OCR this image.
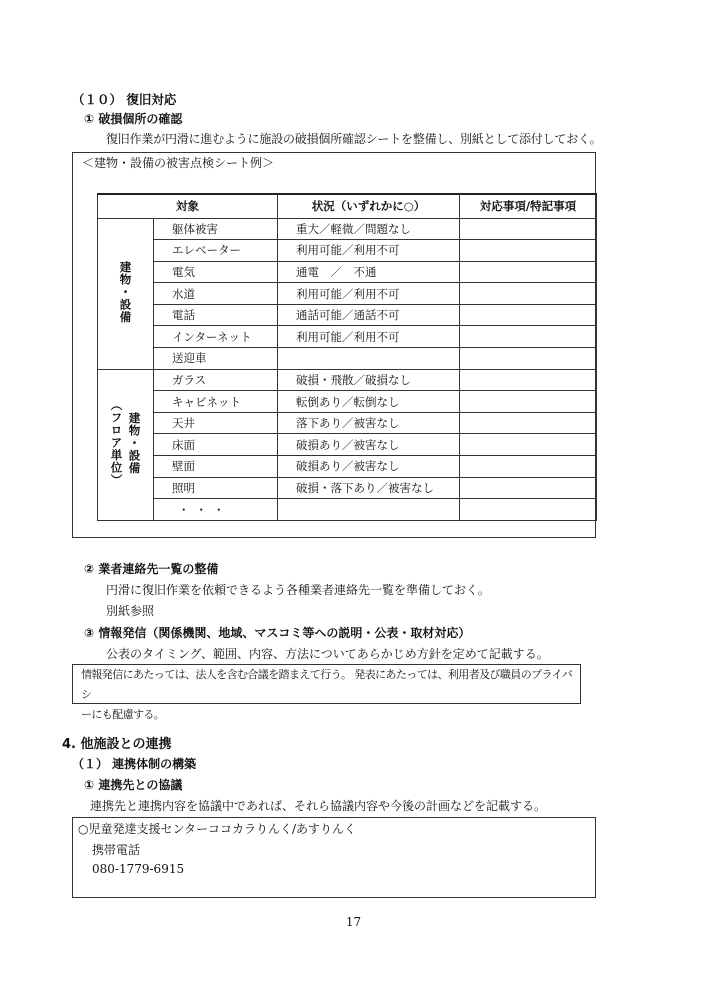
（１０） 復旧対応
① 破損個所の確認
復旧作業が円滑に進むように施設の破損個所確認シートを整備し、別紙として添付しておく。
＜建物・設備の被害点検シート例＞
対象		状況（いずれかに○）	対応事項/特記事項
建物・設備	躯体被害	重大／軽微／問題なし	
	エレベーター	利用可能／利用不可	
	電気	通電　／　不通	
	水道	利用可能／利用不可	
	電話	通話可能／通話不可	
	インターネット	利用可能／利用不可	
	送迎車		

建物・設備
（フロア単位）	ガラス	破損・飛散／破損なし	
	キャビネット	転倒あり／転倒なし	
	天井	落下あり／被害なし	
	床面	破損あり／被害なし	
	壁面	破損あり／被害なし	
	照明	破損・落下あり／被害なし	
	・・・		
② 業者連絡先一覧の整備
円滑に復旧作業を依頼できるよう各種業者連絡先一覧を準備しておく。
別紙参照
③ 情報発信（関係機関、地域、マスコミ等への説明・公表・取材対応）
公表のタイミング、範囲、内容、方法についてあらかじめ方針を定めて記載する。
情報発信にあたっては、法人を含む合議を踏まえて行う。 発表にあたっては、利用者及び職員のプライバシ
ーにも配慮する。
4. 他施設との連携
（１） 連携体制の構築
① 連携先との協議
連携先と連携内容を協議中であれば、それら協議内容や今後の計画などを記載する。
○児童発達支援センターココカラりんく/あすりんく
携帯電話
080-1779-6915
17
